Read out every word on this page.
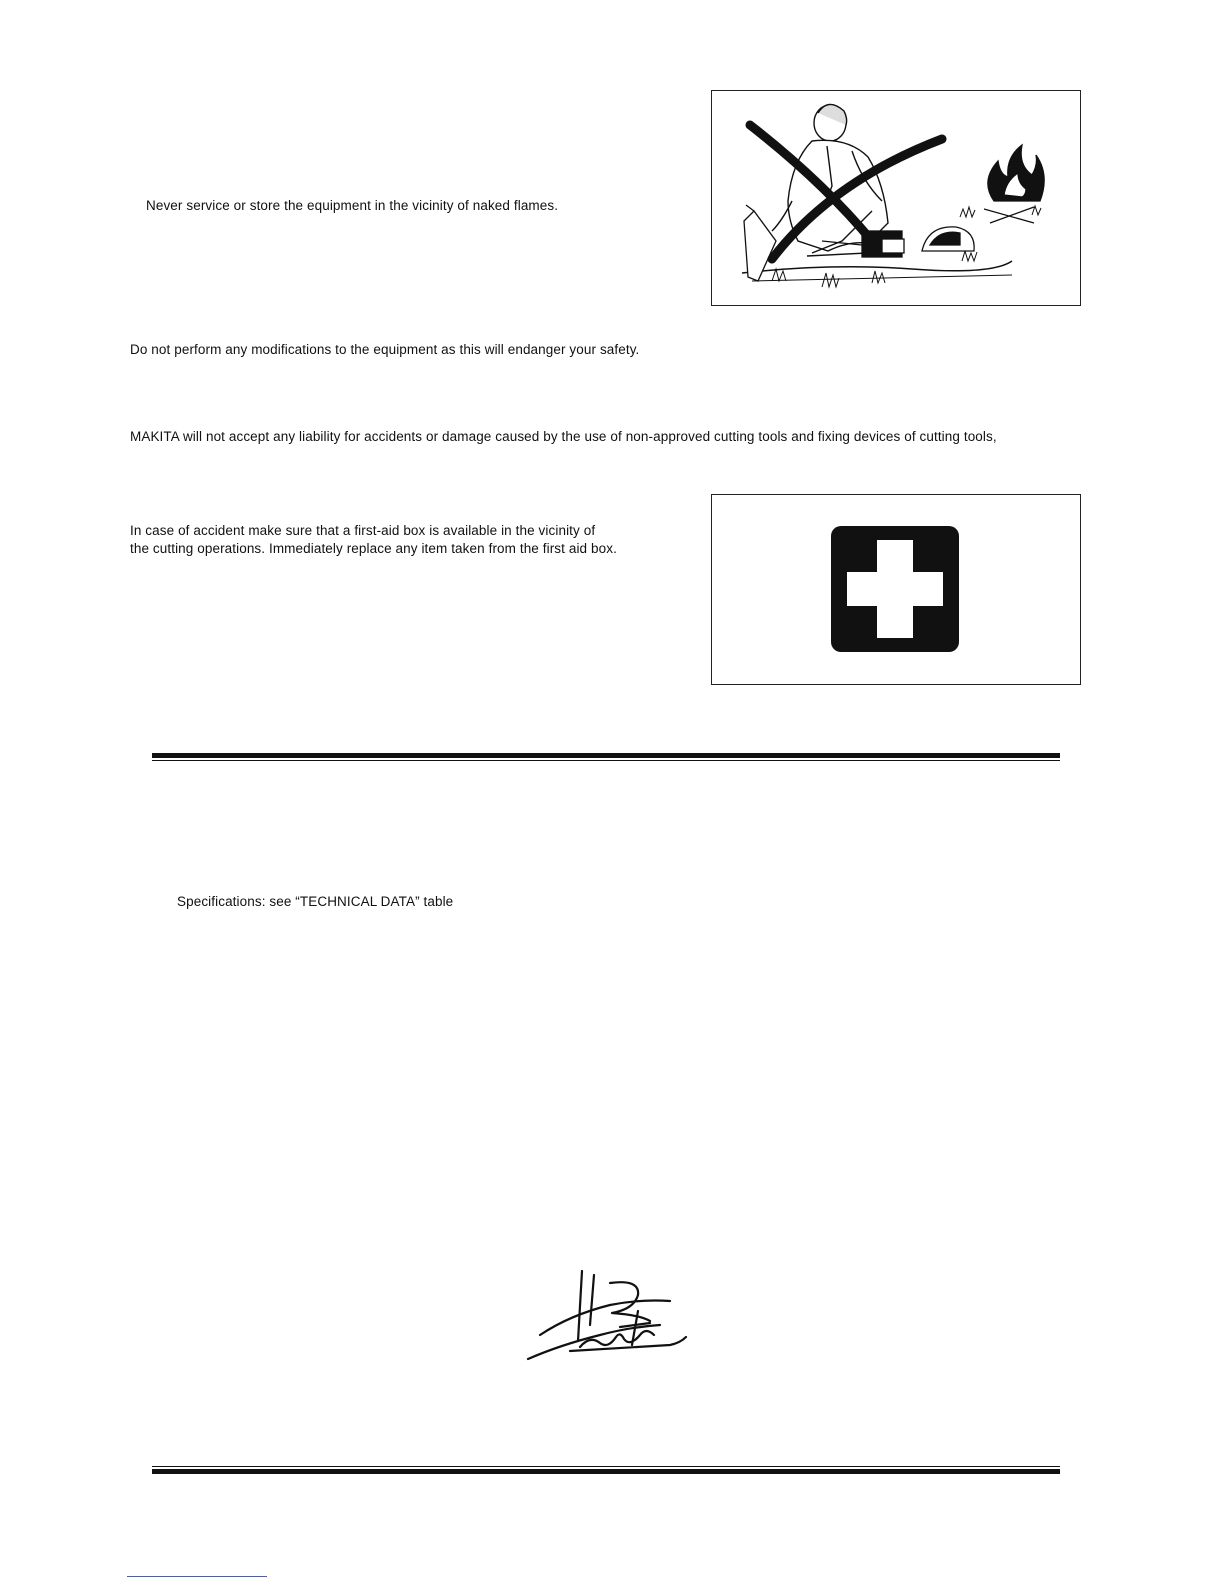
Never service or store the equipment in the vicinity of naked flames.
Do not perform any modifications to the equipment as this will endanger your safety.
MAKITA will not accept any liability for accidents or damage caused by the use of non-approved cutting tools and fixing devices of cutting tools,
In case of accident make sure that a first-aid box is available in the vicinity of
the cutting operations. Immediately replace any item taken from the first aid box.
Specifications: see “TECHNICAL DATA” table
